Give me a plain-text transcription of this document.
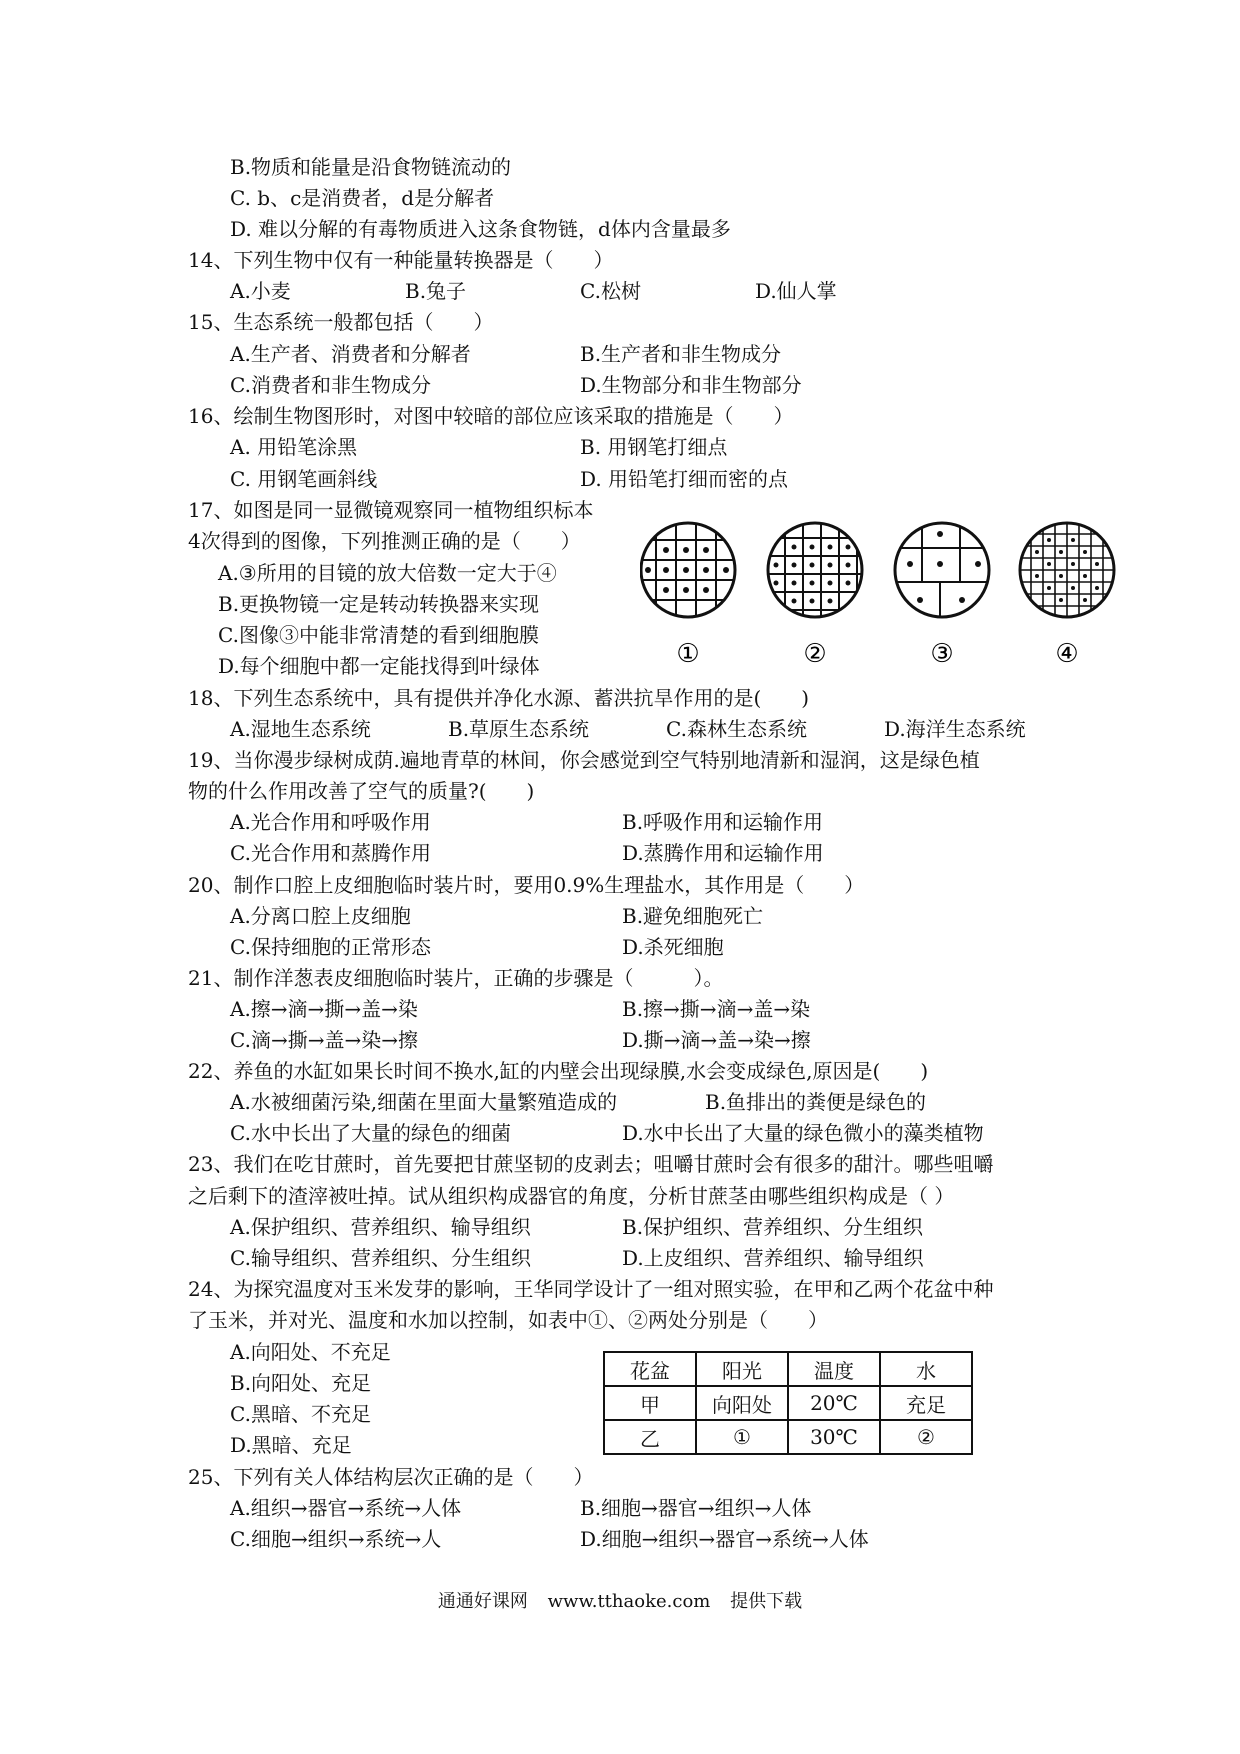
B.物质和能量是沿食物链流动的
C. b、c是消费者，d是分解者
D. 难以分解的有毒物质进入这条食物链，d体内含量最多
14、下列生物中仅有一种能量转换器是（　　）
A.小麦	B.兔子	C.松树	D.仙人掌
15、生态系统一般都包括（　　）
A.生产者、消费者和分解者	B.生产者和非生物成分
C.消费者和非生物成分	D.生物部分和非生物部分
16、绘制生物图形时，对图中较暗的部位应该采取的措施是（　　）
A. 用铅笔涂黑	B. 用钢笔打细点
C. 用钢笔画斜线	D. 用铅笔打细而密的点
17、如图是同一显微镜观察同一植物组织标本
4次得到的图像，下列推测正确的是（　　）
A.③所用的目镜的放大倍数一定大于④
B.更换物镜一定是转动转换器来实现
C.图像③中能非常清楚的看到细胞膜
D.每个细胞中都一定能找得到叶绿体	①	②	③	④
18、下列生态系统中，具有提供并净化水源、蓄洪抗旱作用的是(　　)
A.湿地生态系统	B.草原生态系统	C.森林生态系统	D.海洋生态系统
19、当你漫步绿树成荫.遍地青草的林间，你会感觉到空气特别地清新和湿润，这是绿色植
物的什么作用改善了空气的质量?(　　)
A.光合作用和呼吸作用	B.呼吸作用和运输作用
C.光合作用和蒸腾作用	D.蒸腾作用和运输作用
20、制作口腔上皮细胞临时装片时，要用0.9%生理盐水，其作用是（　　）
A.分离口腔上皮细胞	B.避免细胞死亡
C.保持细胞的正常形态	D.杀死细胞
21、制作洋葱表皮细胞临时装片，正确的步骤是（　　　）。
A.擦→滴→撕→盖→染	B.擦→撕→滴→盖→染
C.滴→撕→盖→染→擦	D.撕→滴→盖→染→擦
22、养鱼的水缸如果长时间不换水,缸的内壁会出现绿膜,水会变成绿色,原因是(　　)
A.水被细菌污染,细菌在里面大量繁殖造成的	B.鱼排出的粪便是绿色的
C.水中长出了大量的绿色的细菌	D.水中长出了大量的绿色微小的藻类植物
23、我们在吃甘蔗时，首先要把甘蔗坚韧的皮剥去；咀嚼甘蔗时会有很多的甜汁。哪些咀嚼
之后剩下的渣滓被吐掉。试从组织构成器官的角度，分析甘蔗茎由哪些组织构成是（ ）
A.保护组织、营养组织、输导组织	B.保护组织、营养组织、分生组织
C.输导组织、营养组织、分生组织	D.上皮组织、营养组织、输导组织
24、为探究温度对玉米发芽的影响，王华同学设计了一组对照实验，在甲和乙两个花盆中种
了玉米，并对光、温度和水加以控制，如表中①、②两处分别是（　　）
A.向阳处、不充足
B.向阳处、充足
C.黑暗、不充足
D.黑暗、充足
花盆	阳光	温度	水
甲	向阳处	20℃	充足
乙	①	30℃	②
25、下列有关人体结构层次正确的是（　　）
A.组织→器官→系统→人体	B.细胞→器官→组织→人体
C.细胞→组织→系统→人	D.细胞→组织→器官→系统→人体
通通好课网 www.tthaoke.com 提供下载
